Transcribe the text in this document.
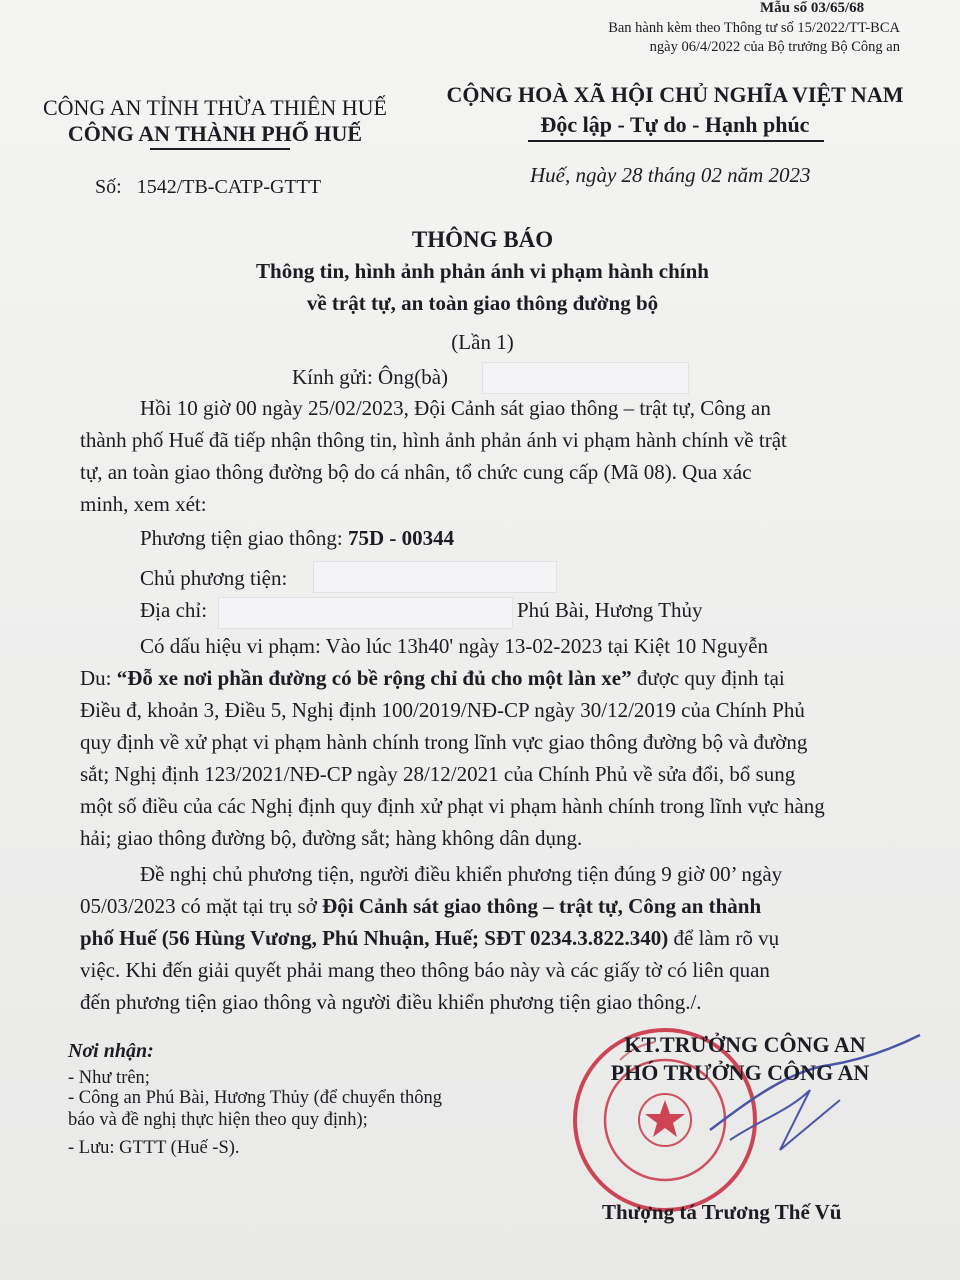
Mẫu số 03/65/68
Ban hành kèm theo Thông tư số 15/2022/TT-BCA
ngày 06/4/2022 của Bộ trưởng Bộ Công an
CÔNG AN TỈNH THỪA THIÊN HUẾ
CÔNG AN THÀNH PHỐ HUẾ
CỘNG HOÀ XÃ HỘI CHỦ NGHĨA VIỆT NAM
Độc lập - Tự do - Hạnh phúc
Số: 1542/TB-CATP-GTTT	Huế, ngày 28 tháng 02 năm 2023
THÔNG BÁO
Thông tin, hình ảnh phản ánh vi phạm hành chính
về trật tự, an toàn giao thông đường bộ
(Lần 1)
Kính gửi: Ông(bà)
Hồi 10 giờ 00 ngày 25/02/2023, Đội Cảnh sát giao thông – trật tự, Công an
thành phố Huế đã tiếp nhận thông tin, hình ảnh phản ánh vi phạm hành chính về trật
tự, an toàn giao thông đường bộ do cá nhân, tổ chức cung cấp (Mã 08). Qua xác
minh, xem xét:
Phương tiện giao thông: 75D - 00344
Chủ phương tiện:
Địa chỉ:	Phú Bài, Hương Thủy
Có dấu hiệu vi phạm: Vào lúc 13h40' ngày 13-02-2023 tại Kiệt 10 Nguyễn
Du: “Đỗ xe nơi phần đường có bề rộng chỉ đủ cho một làn xe” được quy định tại
Điều đ, khoản 3, Điều 5, Nghị định 100/2019/NĐ-CP ngày 30/12/2019 của Chính Phủ
quy định về xử phạt vi phạm hành chính trong lĩnh vực giao thông đường bộ và đường
sắt; Nghị định 123/2021/NĐ-CP ngày 28/12/2021 của Chính Phủ về sửa đổi, bổ sung
một số điều của các Nghị định quy định xử phạt vi phạm hành chính trong lĩnh vực hàng
hải; giao thông đường bộ, đường sắt; hàng không dân dụng.
Đề nghị chủ phương tiện, người điều khiển phương tiện đúng 9 giờ 00’ ngày
05/03/2023 có mặt tại trụ sở Đội Cảnh sát giao thông – trật tự, Công an thành
phố Huế (56 Hùng Vương, Phú Nhuận, Huế; SĐT 0234.3.822.340) để làm rõ vụ
việc. Khi đến giải quyết phải mang theo thông báo này và các giấy tờ có liên quan
đến phương tiện giao thông và người điều khiển phương tiện giao thông./.
Nơi nhận:
- Như trên;
- Công an Phú Bài, Hương Thủy (để chuyển thông
báo và đề nghị thực hiện theo quy định);
- Lưu: GTTT (Huế -S).
KT.TRƯỞNG CÔNG AN
PHÓ TRƯỞNG CÔNG AN
Thượng tá Trương Thế Vũ
